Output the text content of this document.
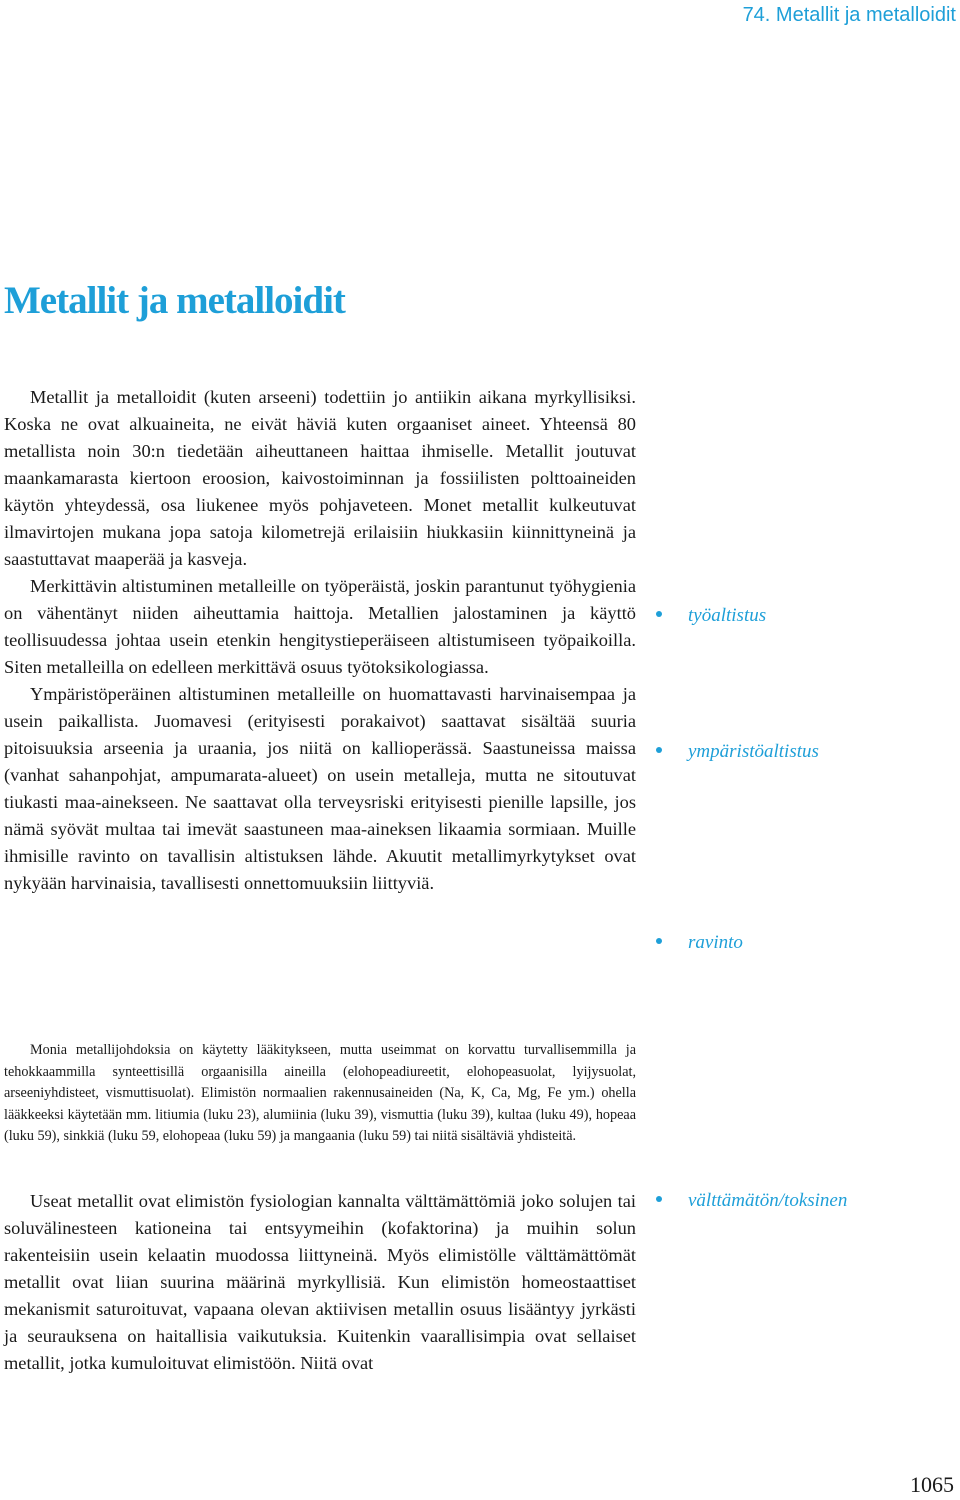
74. Metallit ja metalloidit
Metallit ja metalloidit

Metallit ja metalloidit (kuten arseeni) todettiin jo antiikin aikana myrkyllisiksi. Koska ne ovat alkuaineita, ne eivät häviä kuten orgaaniset aineet. Yhteensä 80 metallista noin 30:n tiedetään aiheuttaneen haittaa ihmiselle. Metallit joutuvat maankamarasta kiertoon eroosion, kaivostoiminnan ja fossiilisten polttoaineiden käytön yhteydessä, osa liukenee myös pohjaveteen. Monet metallit kulkeutuvat ilmavirtojen mukana jopa satoja kilometrejä erilaisiin hiukkasiin kiinnittyneinä ja saastuttavat maaperää ja kasveja.

Merkittävin altistuminen metalleille on työperäistä, joskin parantunut työhygienia on vähentänyt niiden aiheuttamia haittoja. Metallien jalostaminen ja käyttö teollisuudessa johtaa usein etenkin hengitystieperäiseen altistumiseen työpaikoilla. Siten metalleilla on edelleen merkittävä osuus työtoksikologiassa.

Ympäristöperäinen altistuminen metalleille on huomattavasti harvinaisempaa ja usein paikallista. Juomavesi (erityisesti porakaivot) saattavat sisältää suuria pitoisuuksia arseenia ja uraania, jos niitä on kallioperässä. Saastuneissa maissa (vanhat sahanpohjat, ampumarata-alueet) on usein metalleja, mutta ne sitoutuvat tiukasti maa-ainekseen. Ne saattavat olla terveysriski erityisesti pienille lapsille, jos nämä syövät multaa tai imevät saastuneen maa-aineksen likaamia sormiaan. Muille ihmisille ravinto on tavallisin altistuksen lähde. Akuutit metallimyrkytykset ovat nykyään harvinaisia, tavallisesti onnettomuuksiin liittyviä.

Monia metallijohdoksia on käytetty lääkitykseen, mutta useimmat on korvattu turvallisemmilla ja tehokkaammilla synteettisillä orgaanisilla aineilla (elohopeadiureetit, elohopeasuolat, lyijysuolat, arseeniyhdisteet, vismuttisuolat). Elimistön normaalien rakennusaineiden (Na, K, Ca, Mg, Fe ym.) ohella lääkkeeksi käytetään mm. litiumia (luku 23), alumiinia (luku 39), vismuttia (luku 39), kultaa (luku 49), hopeaa (luku 59), sinkkiä (luku 59, elohopeaa (luku 59) ja mangaania (luku 59) tai niitä sisältäviä yhdisteitä.

Useat metallit ovat elimistön fysiologian kannalta välttämättömiä joko solujen tai soluvälinesteen kationeina tai entsyymeihin (kofaktorina) ja muihin solun rakenteisiin usein kelaatin muodossa liittyneinä. Myös elimistölle välttämättömät metallit ovat liian suurina määrinä myrkyllisiä. Kun elimistön homeostaattiset mekanismit saturoituvat, vapaana olevan aktiivisen metallin osuus lisääntyy jyrkästi ja seurauksena on haitallisia vaikutuksia. Kuitenkin vaarallisimpia ovat sellaiset metallit, jotka kumuloituvat elimistöön. Niitä ovat

työaltistus
ympäristöaltistus
ravinto
välttämätön/toksinen
1065
